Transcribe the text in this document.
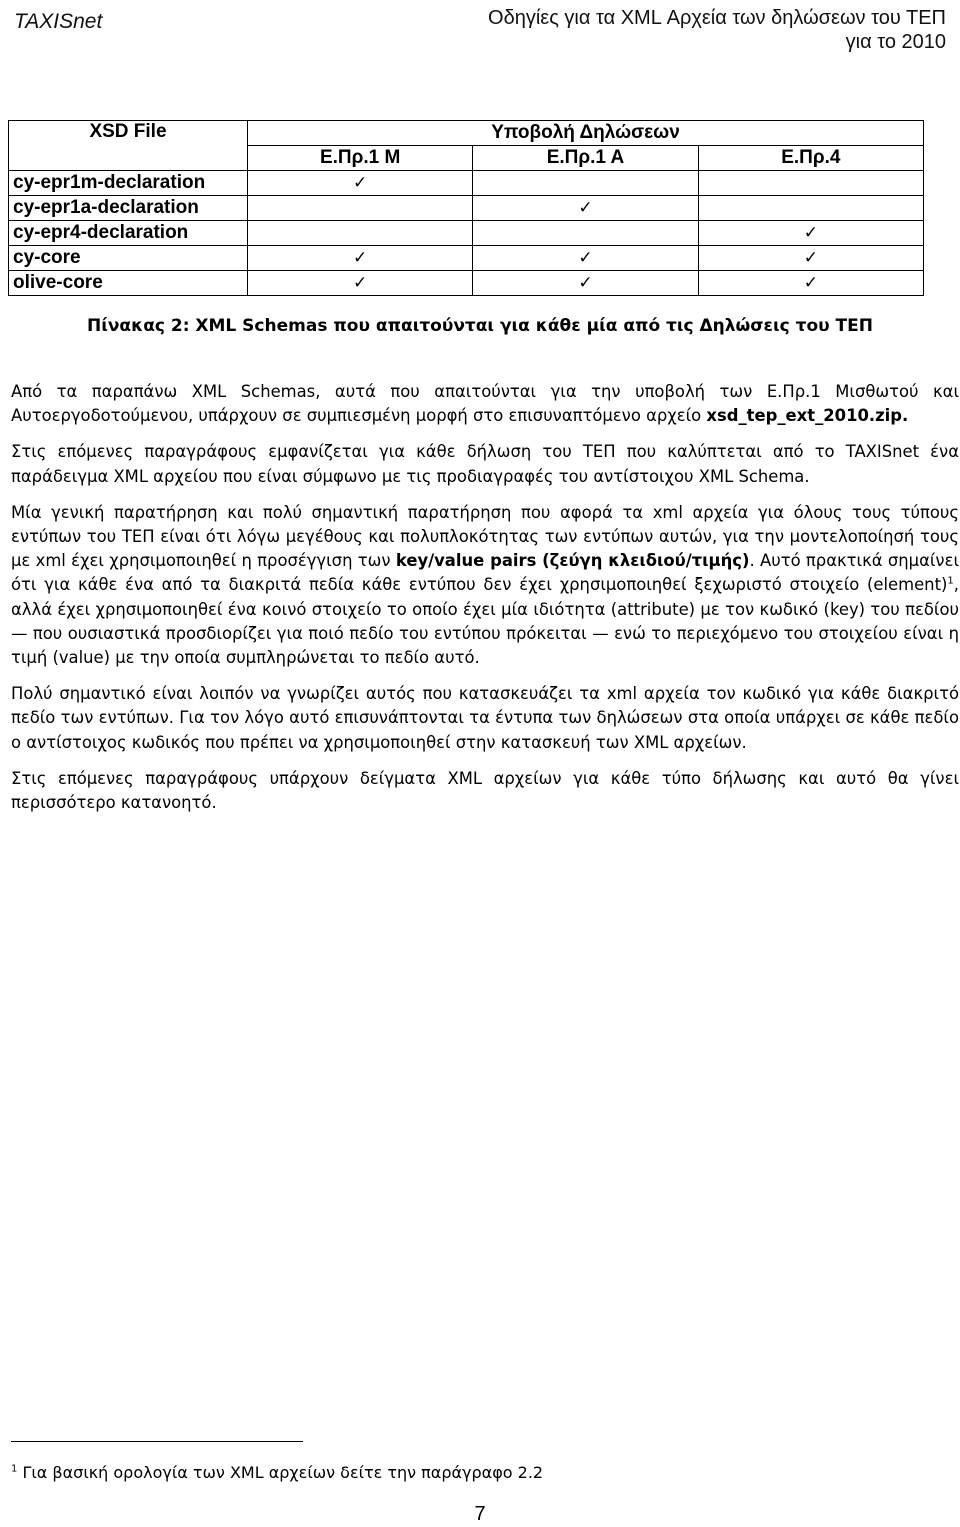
TAXISnet	Οδηγίες για τα XML Αρχεία των δηλώσεων του ΤΕΠ
για το 2010
XSD File	Υποβολή Δηλώσεων		
	Ε.Πρ.1 Μ	Ε.Πρ.1 Α	Ε.Πρ.4
cy-epr1m-declaration	✓		
cy-epr1a-declaration		✓	
cy-epr4-declaration			✓
cy-core	✓	✓	✓
olive-core	✓	✓	✓
Πίνακας 2: XML Schemas που απαιτούνται για κάθε μία από τις Δηλώσεις του ΤΕΠ

Από τα παραπάνω XML Schemas, αυτά που απαιτούνται για την υποβολή των Ε.Πρ.1 Μισθωτού και Αυτοεργοδοτούμενου, υπάρχουν σε συμπιεσμένη μορφή στο επισυναπτόμενο αρχείο xsd_tep_ext_2010.zip.

Στις επόμενες παραγράφους εμφανίζεται για κάθε δήλωση του ΤΕΠ που καλύπτεται από το TAXISnet ένα παράδειγμα XML αρχείου που είναι σύμφωνο με τις προδιαγραφές του αντίστοιχου XML Schema.

Μία γενική παρατήρηση και πολύ σημαντική παρατήρηση που αφορά τα xml αρχεία για όλους τους τύπους εντύπων του ΤΕΠ είναι ότι λόγω μεγέθους και πολυπλοκότητας των εντύπων αυτών, για την μοντελοποίησή τους με xml έχει χρησιμοποιηθεί η προσέγγιση των key/value pairs (ζεύγη κλειδιού/τιμής). Αυτό πρακτικά σημαίνει ότι για κάθε ένα από τα διακριτά πεδία κάθε εντύπου δεν έχει χρησιμοποιηθεί ξεχωριστό στοιχείο (element)$^1$, αλλά έχει χρησιμοποιηθεί ένα κοινό στοιχείο το οποίο έχει μία ιδιότητα (attribute) με τον κωδικό (key) του πεδίου — που ουσιαστικά προσδιορίζει για ποιό πεδίο του εντύπου πρόκειται — ενώ το περιεχόμενο του στοιχείου είναι η τιμή (value) με την οποία συμπληρώνεται το πεδίο αυτό.

Πολύ σημαντικό είναι λοιπόν να γνωρίζει αυτός που κατασκευάζει τα xml αρχεία τον κωδικό για κάθε διακριτό πεδίο των εντύπων. Για τον λόγο αυτό επισυνάπτονται τα έντυπα των δηλώσεων στα οποία υπάρχει σε κάθε πεδίο ο αντίστοιχος κωδικός που πρέπει να χρησιμοποιηθεί στην κατασκευή των XML αρχείων.

Στις επόμενες παραγράφους υπάρχουν δείγματα XML αρχείων για κάθε τύπο δήλωσης και αυτό θα γίνει περισσότερο κατανοητό.

$^1$ Για βασική ορολογία των XML αρχείων δείτε την παράγραφο 2.2
7
